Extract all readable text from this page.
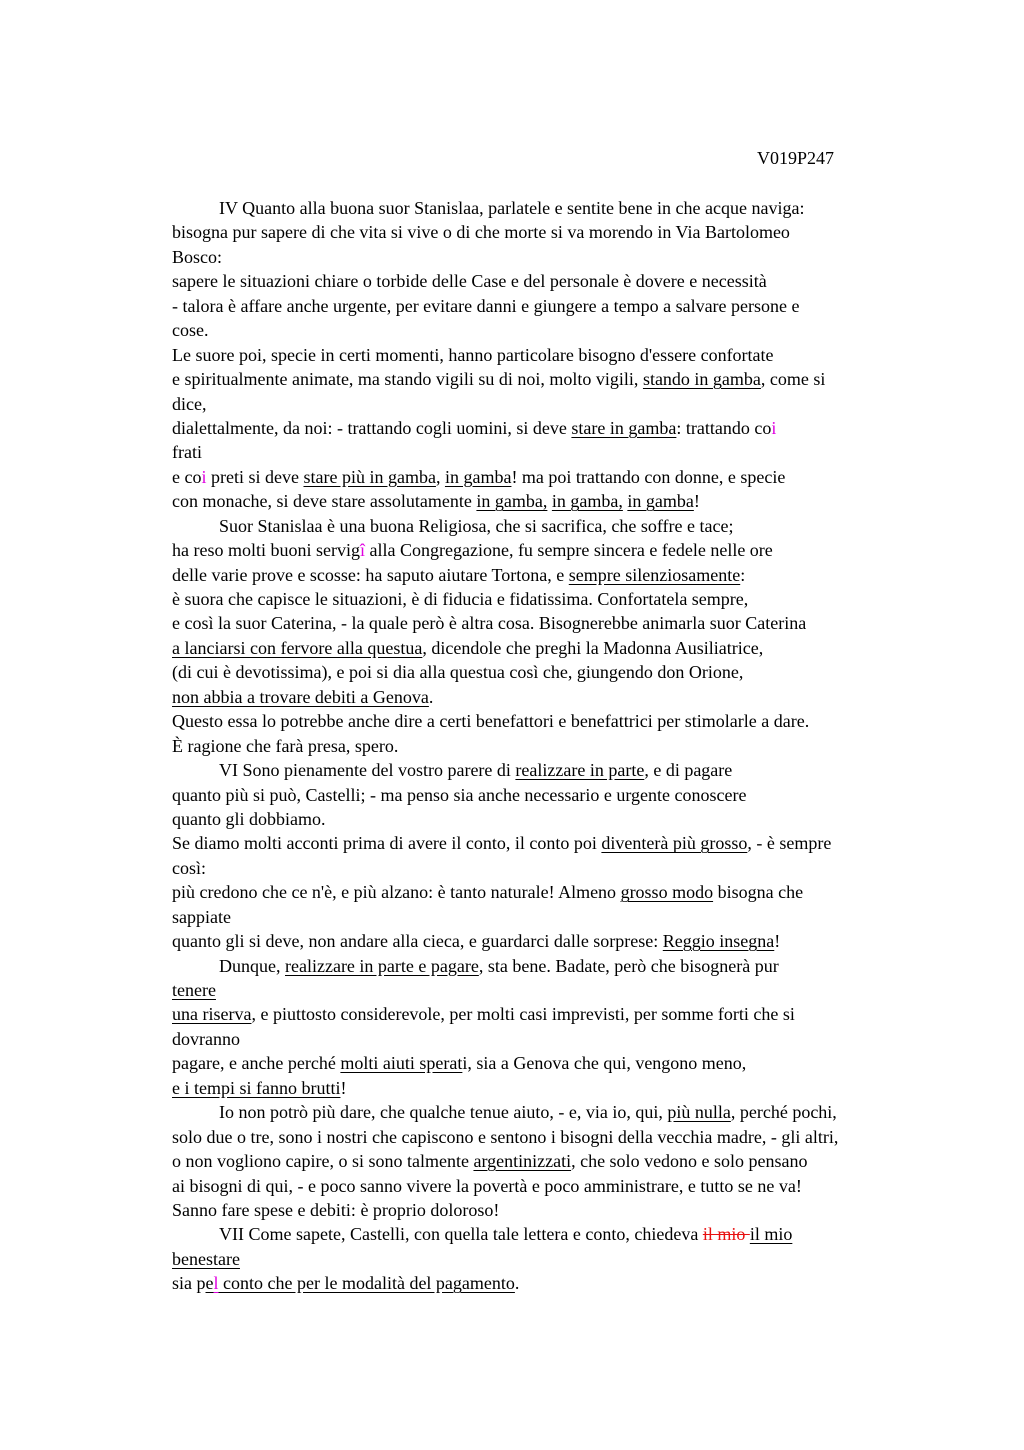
V019P247
IV Quanto alla buona suor Stanislaa, parlatele e sentite bene in che acque naviga:
bisogna pur sapere di che vita si vive o di che morte si va morendo in Via Bartolomeo
Bosco:
sapere le situazioni chiare o torbide delle Case e del personale è dovere e necessità
- talora è affare anche urgente, per evitare danni e giungere a tempo a salvare persone e
cose.
Le suore poi, specie in certi momenti, hanno particolare bisogno d'essere confortate
e spiritualmente animate, ma stando vigili su di noi, molto vigili, stando in gamba, come si
dice,
dialettalmente, da noi: - trattando cogli uomini, si deve stare in gamba: trattando coi
frati
e coi preti si deve stare più in gamba, in gamba! ma poi trattando con donne, e specie
con monache, si deve stare assolutamente in gamba, in gamba, in gamba!
Suor Stanislaa è una buona Religiosa, che si sacrifica, che soffre e tace;
ha reso molti buoni servigî alla Congregazione, fu sempre sincera e fedele nelle ore
delle varie prove e scosse: ha saputo aiutare Tortona, e sempre silenziosamente:
è suora che capisce le situazioni, è di fiducia e fidatissima. Confortatela sempre,
e così la suor Caterina, - la quale però è altra cosa. Bisognerebbe animarla suor Caterina
a lanciarsi con fervore alla questua, dicendole che preghi la Madonna Ausiliatrice,
(di cui è devotissima), e poi si dia alla questua così che, giungendo don Orione,
non abbia a trovare debiti a Genova.
Questo essa lo potrebbe anche dire a certi benefattori e benefattrici per stimolarle a dare.
È ragione che farà presa, spero.
VI Sono pienamente del vostro parere di realizzare in parte, e di pagare
quanto più si può, Castelli; - ma penso sia anche necessario e urgente conoscere
quanto gli dobbiamo.
Se diamo molti acconti prima di avere il conto, il conto poi diventerà più grosso, - è sempre
così:
più credono che ce n'è, e più alzano: è tanto naturale! Almeno grosso modo bisogna che
sappiate
quanto gli si deve, non andare alla cieca, e guardarci dalle sorprese: Reggio insegna!
Dunque, realizzare in parte e pagare, sta bene. Badate, però che bisognerà pur
tenere
una riserva, e piuttosto considerevole, per molti casi imprevisti, per somme forti che si
dovranno
pagare, e anche perché molti aiuti sperati, sia a Genova che qui, vengono meno,
e i tempi si fanno brutti!
Io non potrò più dare, che qualche tenue aiuto, - e, via io, qui, più nulla, perché pochi,
solo due o tre, sono i nostri che capiscono e sentono i bisogni della vecchia madre, - gli altri,
o non vogliono capire, o si sono talmente argentinizzati, che solo vedono e solo pensano
ai bisogni di qui, - e poco sanno vivere la povertà e poco amministrare, e tutto se ne va!
Sanno fare spese e debiti: è proprio doloroso!
VII Come sapete, Castelli, con quella tale lettera e conto, chiedeva il mio il mio
benestare
sia pel conto che per le modalità del pagamento.
